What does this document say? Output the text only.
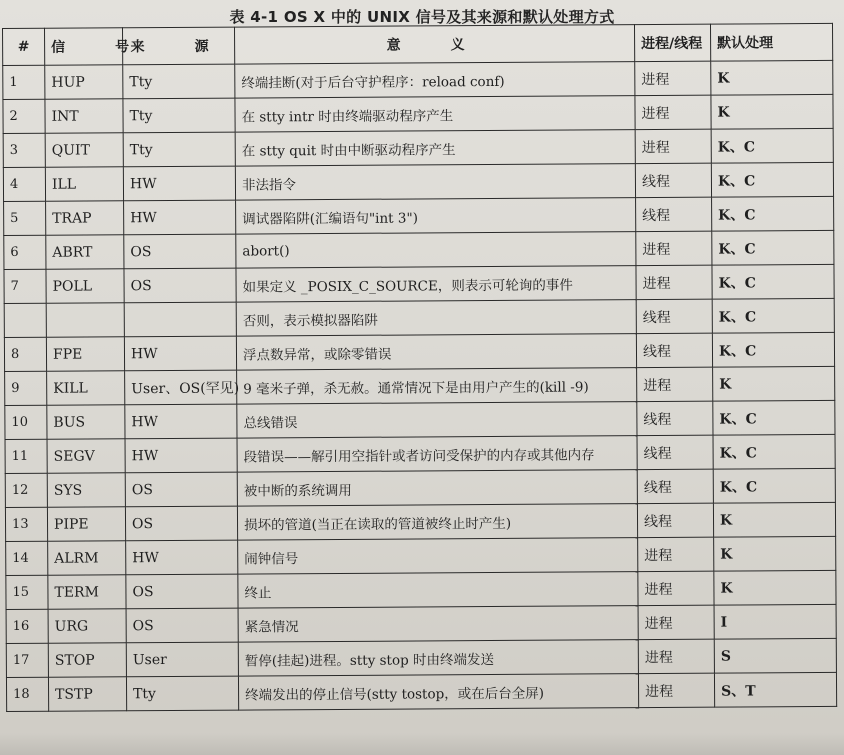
表 4-1 OS X 中的 UNIX 信号及其来源和默认处理方式
#	信　号	来　源	意　义	进程/线程	默认处理
1	HUP	Tty	终端挂断(对于后台守护程序：reload conf)	进程	K
2	INT	Tty	在 stty intr 时由终端驱动程序产生	进程	K
3	QUIT	Tty	在 stty quit 时由中断驱动程序产生	进程	K、C
4	ILL	HW	非法指令	线程	K、C
5	TRAP	HW	调试器陷阱(汇编语句"int 3")	线程	K、C
6	ABRT	OS	abort()	进程	K、C
7	POLL	OS	如果定义 _POSIX_C_SOURCE，则表示可轮询的事件	进程	K、C
			否则，表示模拟器陷阱	线程	K、C
8	FPE	HW	浮点数异常，或除零错误	线程	K、C
9	KILL	User、OS(罕见)	9 毫米子弹，杀无赦。通常情况下是由用户产生的(kill -9)	进程	K
10	BUS	HW	总线错误	线程	K、C
11	SEGV	HW	段错误——解引用空指针或者访问受保护的内存或其他内存	线程	K、C
12	SYS	OS	被中断的系统调用	线程	K、C
13	PIPE	OS	损坏的管道(当正在读取的管道被终止时产生)	线程	K
14	ALRM	HW	闹钟信号	进程	K
15	TERM	OS	终止	进程	K
16	URG	OS	紧急情况	进程	I
17	STOP	User	暂停(挂起)进程。stty stop 时由终端发送	进程	S
18	TSTP	Tty	终端发出的停止信号(stty tostop，或在后台全屏)	进程	S、T
